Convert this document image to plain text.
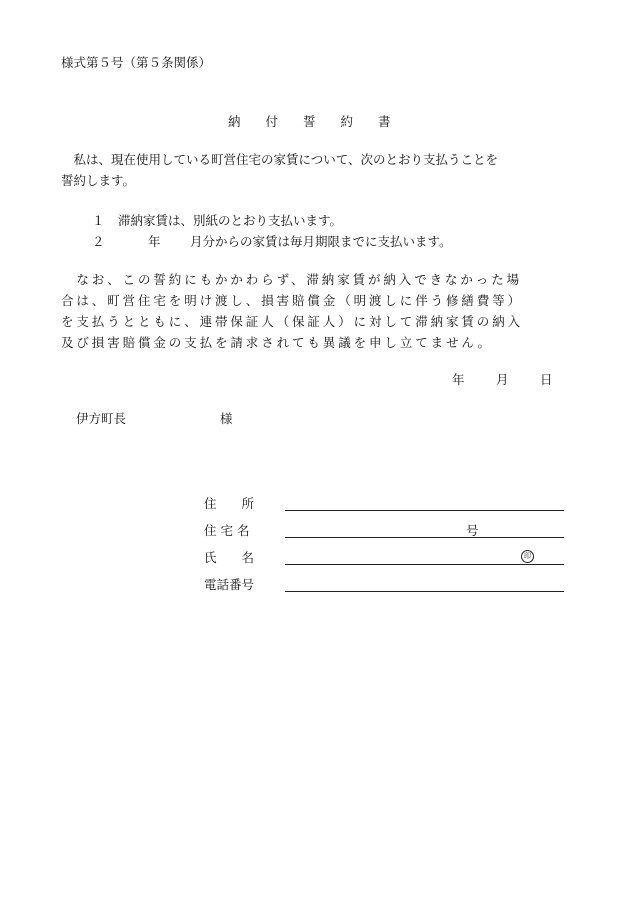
様式第５号（第５条関係）
納　　付　　誓　　約　　書
　私は、現在使用している町営住宅の家賃について、次のとおり支払うことを
誓約します。
１ 滞納家賃は、別紙のとおり支払います。
２	年 月分からの家賃は毎月期限までに支払います。
　なお、この誓約にもかかわらず、滞納家賃が納入できなかった場
合は、町営住宅を明け渡し、損害賠償金（明渡しに伴う修繕費等）
を支払うとともに、連帯保証人（保証人）に対して滞納家賃の納入
及び損害賠償金の支払を請求されても異議を申し立てません。
年	月	日
伊方町長	様
住　　所
住 宅 名	号
氏　　名	印
電話番号
